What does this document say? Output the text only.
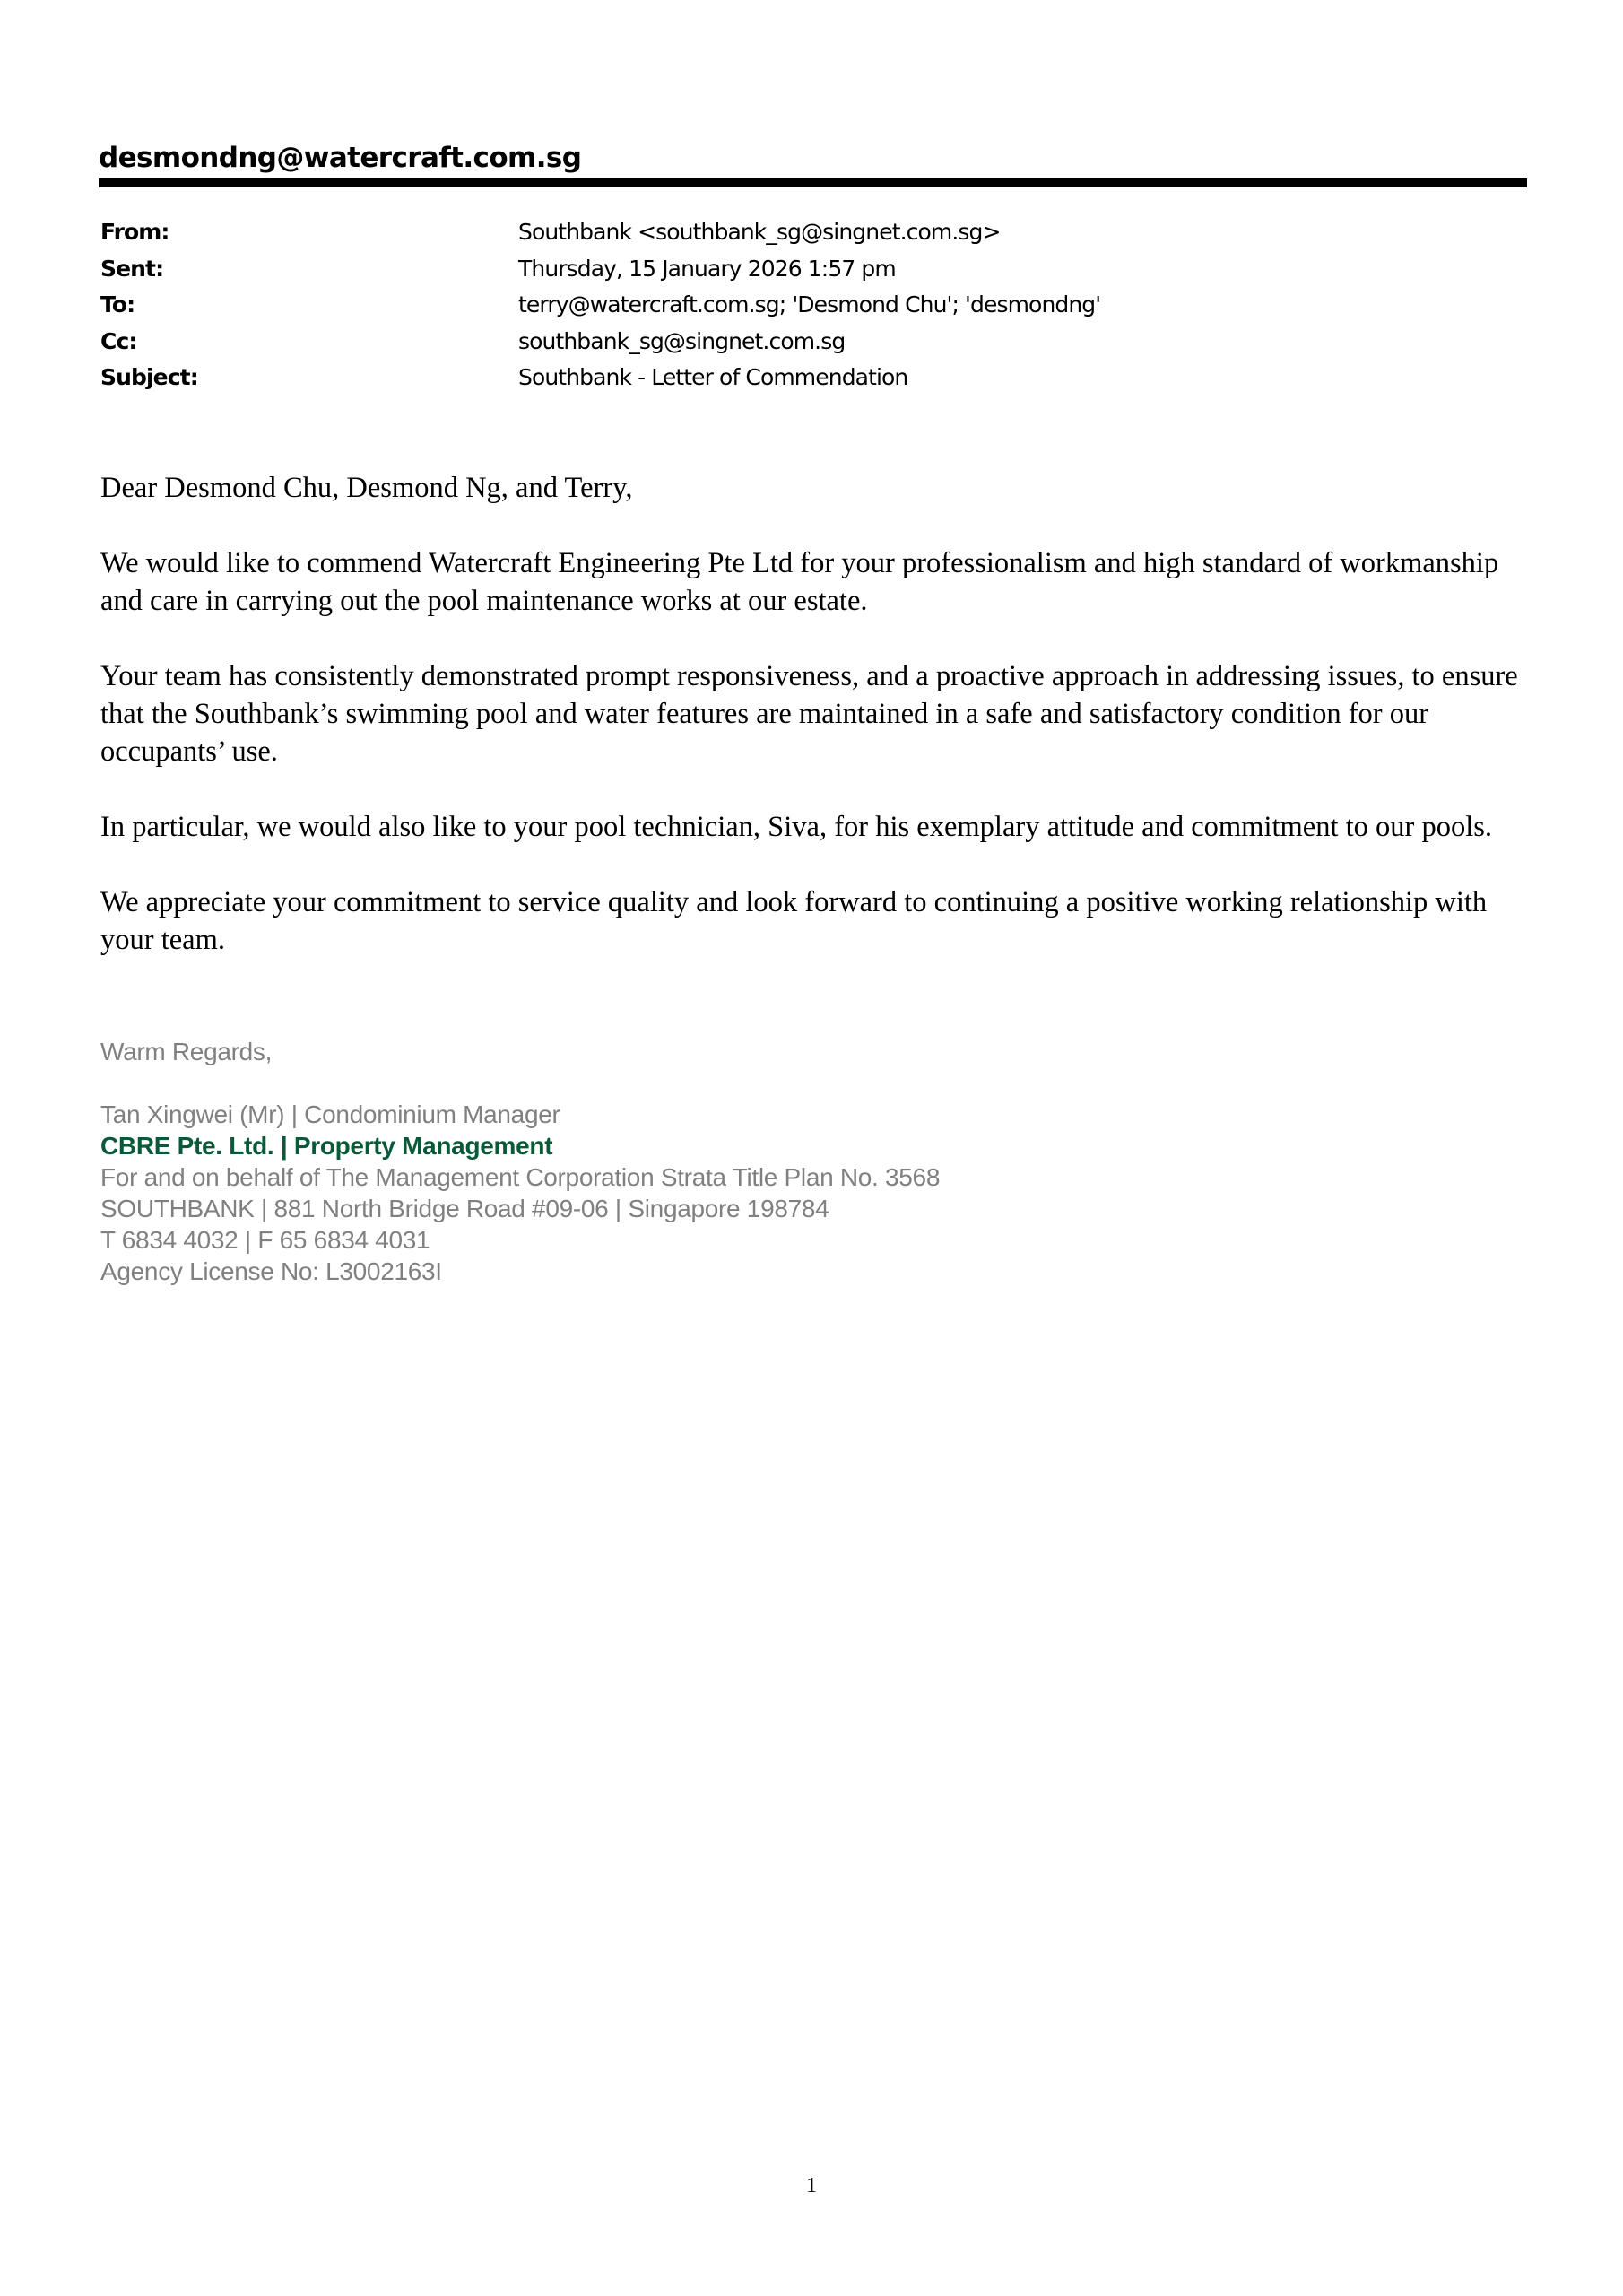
desmondng@watercraft.com.sg
From:	Southbank <southbank_sg@singnet.com.sg>
Sent:	Thursday, 15 January 2026 1:57 pm
To:	terry@watercraft.com.sg; 'Desmond Chu'; 'desmondng'
Cc:	southbank_sg@singnet.com.sg
Subject:	Southbank - Letter of Commendation

Dear Desmond Chu, Desmond Ng, and Terry,

We would like to commend Watercraft Engineering Pte Ltd for your professionalism and high standard of workmanship and care in carrying out the pool maintenance works at our estate.

Your team has consistently demonstrated prompt responsiveness, and a proactive approach in addressing issues, to ensure that the Southbank’s swimming pool and water features are maintained in a safe and satisfactory condition for our occupants’ use.

In particular, we would also like to your pool technician, Siva, for his exemplary attitude and commitment to our pools.

We appreciate your commitment to service quality and look forward to continuing a positive working relationship with your team.

Warm Regards,
Tan Xingwei (Mr) | Condominium Manager
CBRE Pte. Ltd. | Property Management
For and on behalf of The Management Corporation Strata Title Plan No. 3568
SOUTHBANK | 881 North Bridge Road #09-06 | Singapore 198784
T 6834 4032 | F 65 6834 4031
Agency License No: L3002163I
1
